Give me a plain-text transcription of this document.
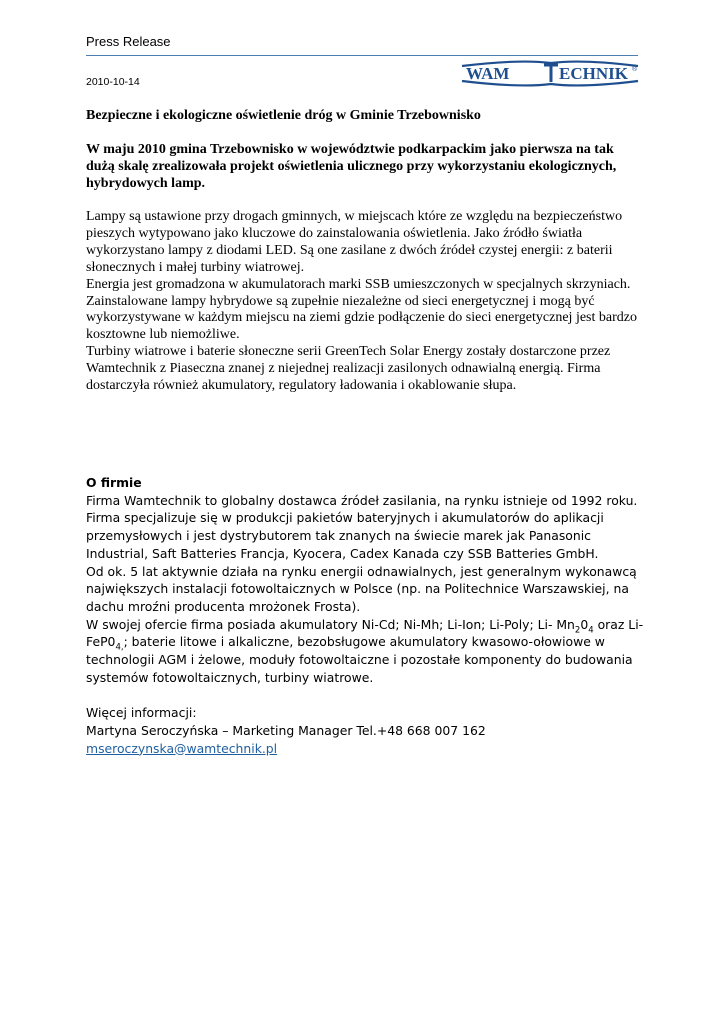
Press Release
2010-10-14	WAM	ECHNIK ®
Bezpieczne i ekologiczne oświetlenie dróg w Gminie Trzebownisko

W maju 2010 gmina Trzebownisko w województwie podkarpackim jako pierwsza na tak dużą skalę zrealizowała projekt oświetlenia ulicznego przy wykorzystaniu ekologicznych, hybrydowych lamp.

Lampy są ustawione przy drogach gminnych, w miejscach które ze względu na bezpieczeństwo pieszych wytypowano jako kluczowe do zainstalowania oświetlenia. Jako źródło światła wykorzystano lampy z diodami LED. Są one zasilane z dwóch źródeł czystej energii: z baterii słonecznych i małej turbiny wiatrowej.

Energia jest gromadzona w akumulatorach marki SSB umieszczonych w specjalnych skrzyniach. Zainstalowane lampy hybrydowe są zupełnie niezależne od sieci energetycznej i mogą być wykorzystywane w każdym miejscu na ziemi gdzie podłączenie do sieci energetycznej jest bardzo kosztowne lub niemożliwe.

Turbiny wiatrowe i baterie słoneczne serii GreenTech Solar Energy zostały dostarczone przez Wamtechnik z Piaseczna znanej z niejednej realizacji zasilonych odnawialną energią. Firma dostarczyła również akumulatory, regulatory ładowania i okablowanie słupa.

O firmie

Firma Wamtechnik to globalny dostawca źródeł zasilania, na rynku istnieje od 1992 roku. Firma specjalizuje się w produkcji pakietów bateryjnych i akumulatorów do aplikacji przemysłowych i jest dystrybutorem tak znanych na świecie marek jak Panasonic Industrial, Saft Batteries Francja, Kyocera, Cadex Kanada czy SSB Batteries GmbH.

Od ok. 5 lat aktywnie działa na rynku energii odnawialnych, jest generalnym wykonawcą największych instalacji fotowoltaicznych w Polsce (np. na Politechnice Warszawskiej, na dachu mroźni producenta mrożonek Frosta).

W swojej ofercie firma posiada akumulatory Ni-Cd; Ni-Mh; Li-Ion; Li-Poly; Li- $Mn_20_4$ oraz $Li-FeP0_{4,}$; baterie litowe i alkaliczne, bezobsługowe akumulatory kwasowo-ołowiowe w technologii AGM i żelowe, moduły fotowoltaiczne i pozostałe komponenty do budowania systemów fotowoltaicznych, turbiny wiatrowe.

Więcej informacji:

Martyna Seroczyńska – Marketing Manager Tel.+48 668 007 162

mseroczynska@wamtechnik.pl
